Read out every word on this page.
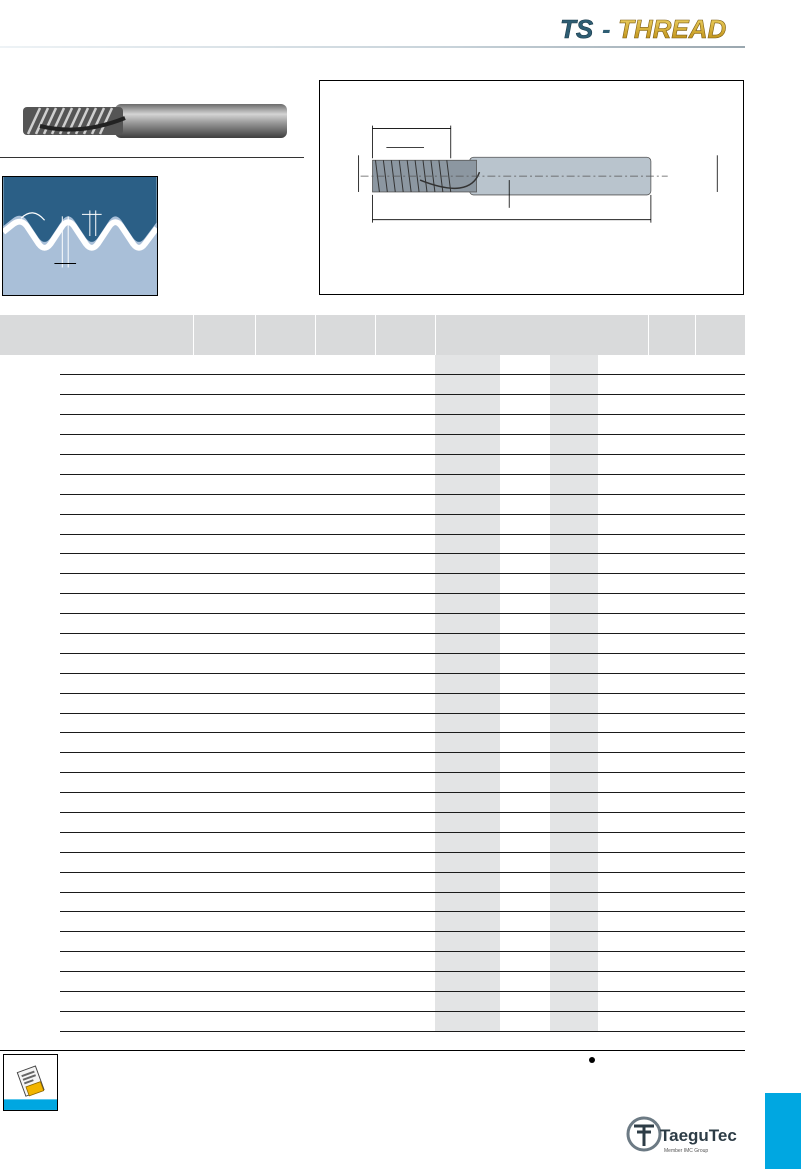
TS - THREAD

TaeguTec
Member IMC Group
